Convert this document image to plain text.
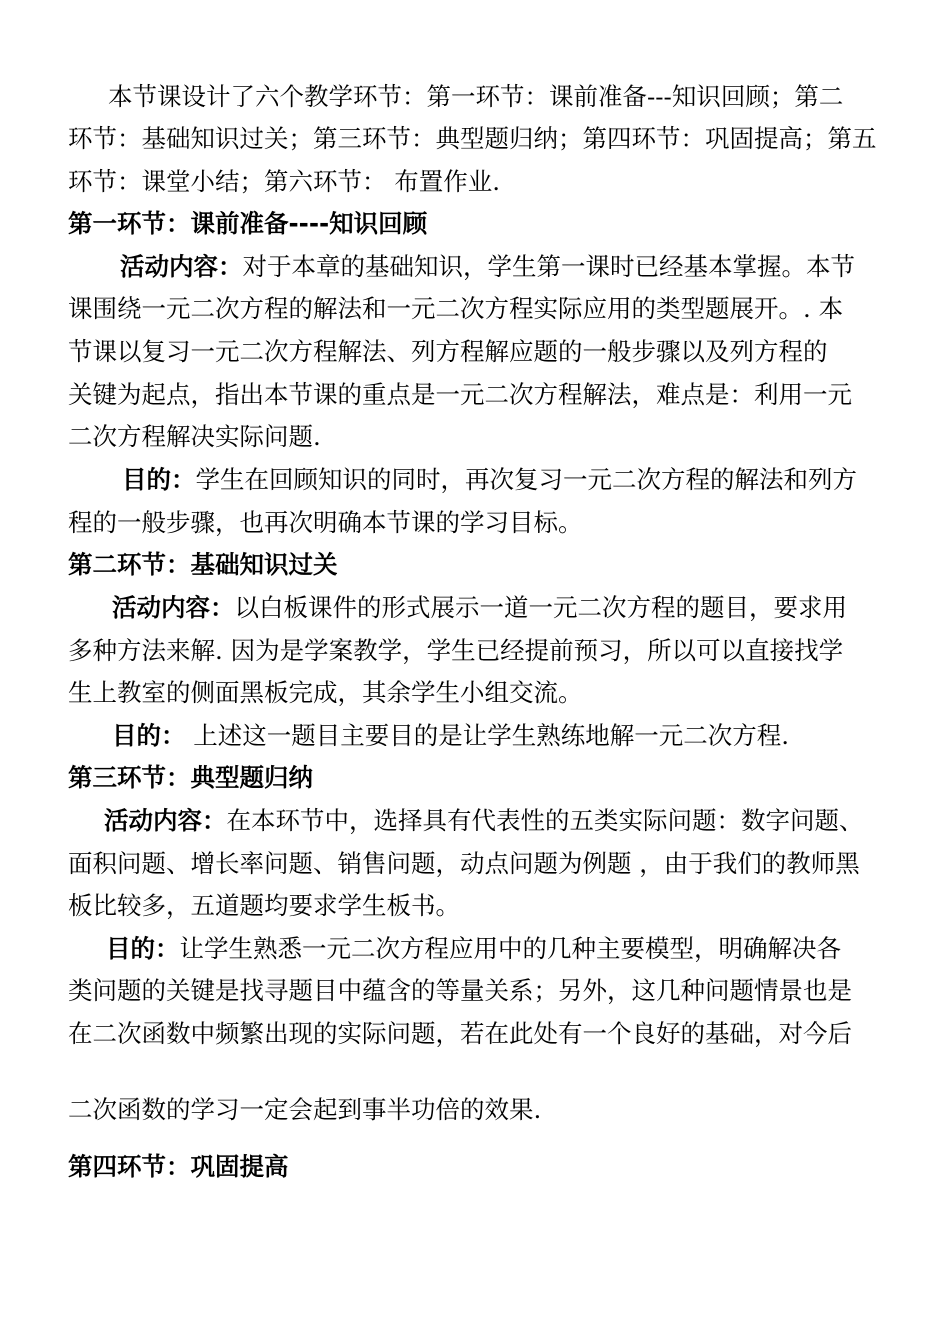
本节课设计了六个教学环节：第一环节：课前准备---知识回顾；第二
环节：基础知识过关；第三环节：典型题归纳；第四环节：巩固提高；第五
环节：课堂小结；第六环节： 布置作业.
第一环节：课前准备----知识回顾
活动内容：对于本章的基础知识，学生第一课时已经基本掌握。本节
课围绕一元二次方程的解法和一元二次方程实际应用的类型题展开。. 本
节课以复习一元二次方程解法、列方程解应题的一般步骤以及列方程的
关键为起点，指出本节课的重点是一元二次方程解法，难点是：利用一元
二次方程解决实际问题.
目的：学生在回顾知识的同时，再次复习一元二次方程的解法和列方
程的一般步骤，也再次明确本节课的学习目标。
第二环节：基础知识过关
活动内容：以白板课件的形式展示一道一元二次方程的题目，要求用
多种方法来解. 因为是学案教学，学生已经提前预习，所以可以直接找学
生上教室的侧面黑板完成，其余学生小组交流。
目的： 上述这一题目主要目的是让学生熟练地解一元二次方程.
第三环节：典型题归纳
活动内容：在本环节中，选择具有代表性的五类实际问题：数字问题、
面积问题、增长率问题、销售问题，动点问题为例题 ，由于我们的教师黑
板比较多，五道题均要求学生板书。
目的：让学生熟悉一元二次方程应用中的几种主要模型，明确解决各
类问题的关键是找寻题目中蕴含的等量关系；另外，这几种问题情景也是
在二次函数中频繁出现的实际问题，若在此处有一个良好的基础，对今后
二次函数的学习一定会起到事半功倍的效果.
第四环节：巩固提高
